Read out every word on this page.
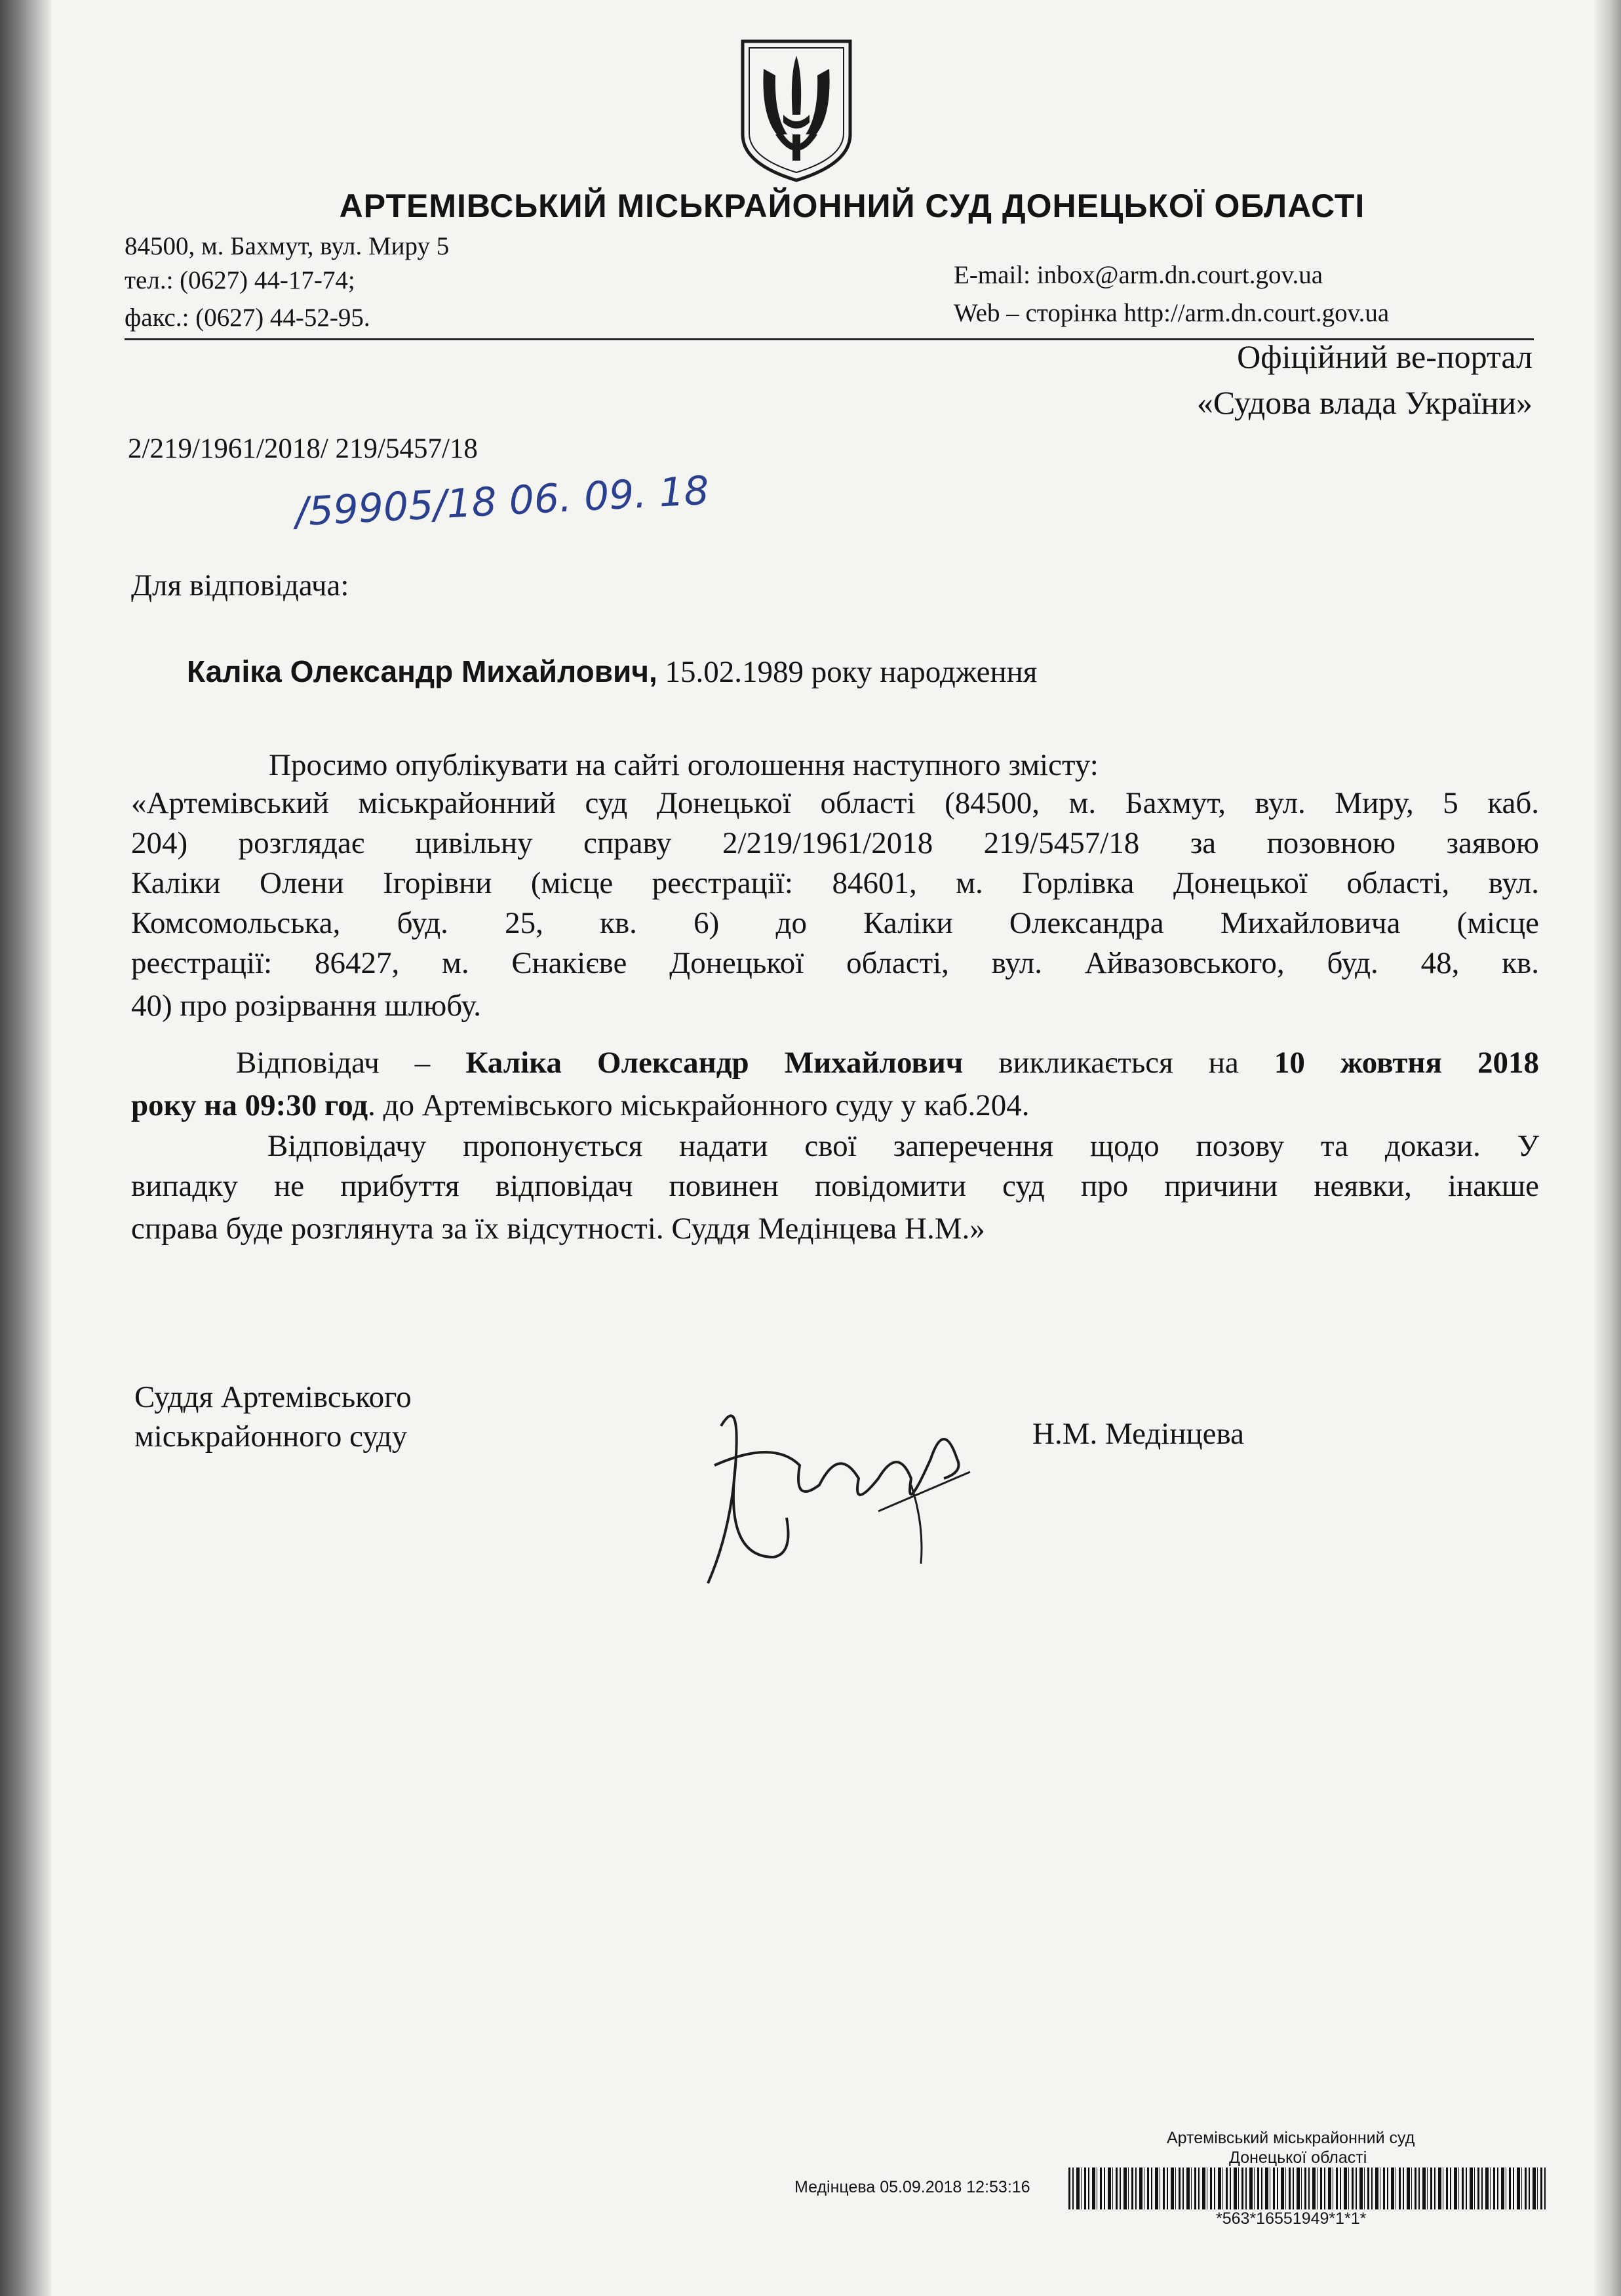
АРТЕМІВСЬКИЙ МІСЬКРАЙОННИЙ СУД ДОНЕЦЬКОЇ ОБЛАСТІ
84500, м. Бахмут, вул. Миру 5
тел.: (0627) 44-17-74;
факс.: (0627) 44-52-95.
E-mail: inbox@arm.dn.court.gov.ua
Web – сторінка http://arm.dn.court.gov.ua
Офіційний ве-портал
«Судова влада України»
2/219/1961/2018/ 219/5457/18
/59905/18 06. 09. 18
Для відповідача:
Каліка Олександр Михайлович, 15.02.1989 року народження
Просимо опублікувати на сайті оголошення наступного змісту:
«Артемівський міськрайонний суд Донецької області (84500, м. Бахмут, вул. Миру, 5 каб.
204) розглядає цивільну справу 2/219/1961/2018 219/5457/18 за позовною заявою
Каліки Олени Ігорівни (місце реєстрації: 84601, м. Горлівка Донецької області, вул.
Комсомольська, буд. 25, кв. 6) до Каліки Олександра Михайловича (місце
реєстрації: 86427, м. Єнакієве Донецької області, вул. Айвазовського, буд. 48, кв.
40) про розірвання шлюбу.
Відповідач – Каліка Олександр Михайлович викликається на 10 жовтня 2018
року на 09:30 год. до Артемівського міськрайонного суду у каб.204.
Відповідачу пропонується надати свої заперечення щодо позову та докази. У
випадку не прибуття відповідач повинен повідомити суд про причини неявки, інакше
справа буде розглянута за їх відсутності. Суддя Медінцева Н.М.»
Суддя Артемівського
міськрайонного суду	Н.М. Медінцева
Артемівський міськрайонний суд
Донецької області
Медінцева 05.09.2018 12:53:16
*563*16551949*1*1*
